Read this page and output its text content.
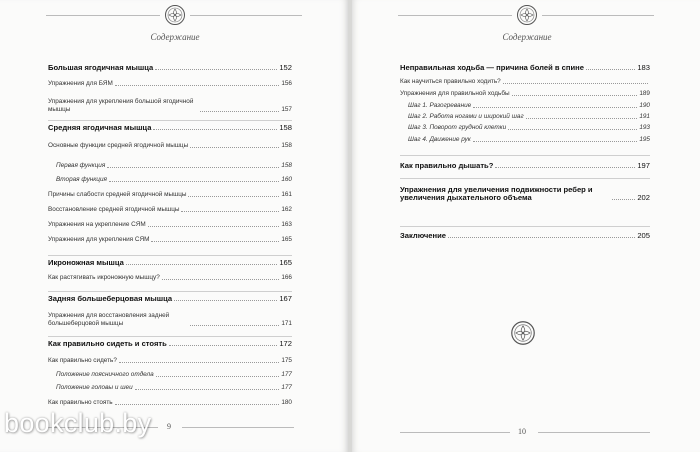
Содержание
Большая ягодичная мышца	152
Упражнения для БЯМ	156
Упражнения для укрепления большой ягодичной мышцы	157
Средняя ягодичная мышца	158
Основные функции средней ягодичной мышцы	158
Первая функция	158
Вторая функция	160
Причины слабости средней ягодичной мышцы	161
Восстановление средней ягодичной мышцы	162
Упражнения на укрепление СЯМ	163
Упражнения для укрепления СЯМ	165
Икроножная мышца	165
Как растягивать икроножную мышцу?	166
Задняя большеберцовая мышца	167
Упражнения для восстановления задней большеберцовой мышцы	171
Как правильно сидеть и стоять	172
Как правильно сидеть?	175
Положение поясничного отдела	177
Положение головы и шеи	177
Как правильно стоять	180
9
Содержание
Неправильная ходьба — причина болей в спине	183
Как научиться правильно ходить?
Упражнения для правильной ходьбы	189
Шаг 1. Разогревание	190
Шаг 2. Работа ногами и широкий шаг	191
Шаг 3. Поворот грудной клетки	193
Шаг 4. Движение рук	195
Как правильно дышать?	197
Упражнения для увеличения подвижности ребер и увеличения дыхательного объема	202
Заключение	205
10
bookclub.by
